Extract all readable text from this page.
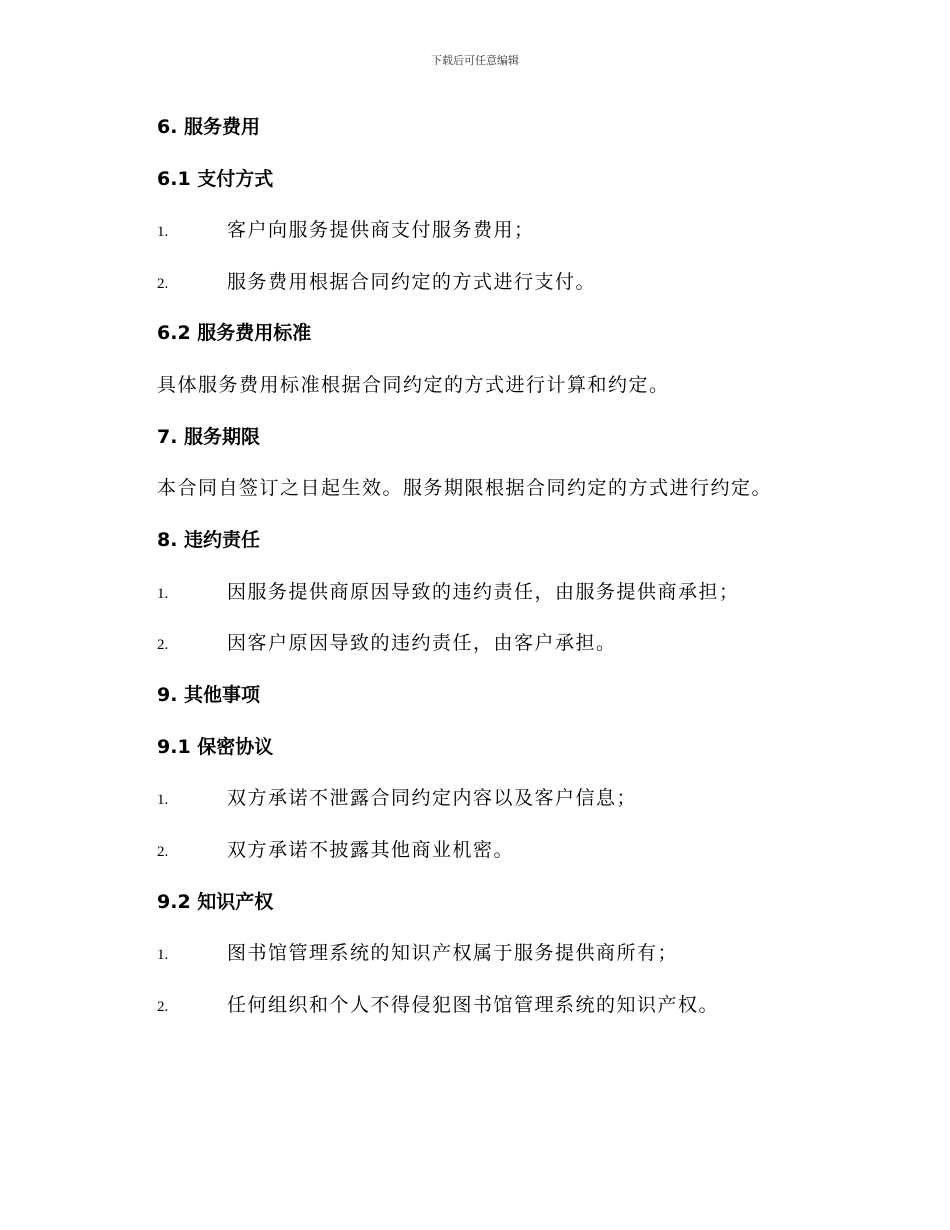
下载后可任意编辑
6. 服务费用
6.1 支付方式
1.	客户向服务提供商支付服务费用；
2.	服务费用根据合同约定的方式进行支付。
6.2 服务费用标准
具体服务费用标准根据合同约定的方式进行计算和约定。
7. 服务期限
本合同自签订之日起生效。服务期限根据合同约定的方式进行约定。
8. 违约责任
1.	因服务提供商原因导致的违约责任，由服务提供商承担；
2.	因客户原因导致的违约责任，由客户承担。
9. 其他事项
9.1 保密协议
1.	双方承诺不泄露合同约定内容以及客户信息；
2.	双方承诺不披露其他商业机密。
9.2 知识产权
1.	图书馆管理系统的知识产权属于服务提供商所有；
2.	任何组织和个人不得侵犯图书馆管理系统的知识产权。
